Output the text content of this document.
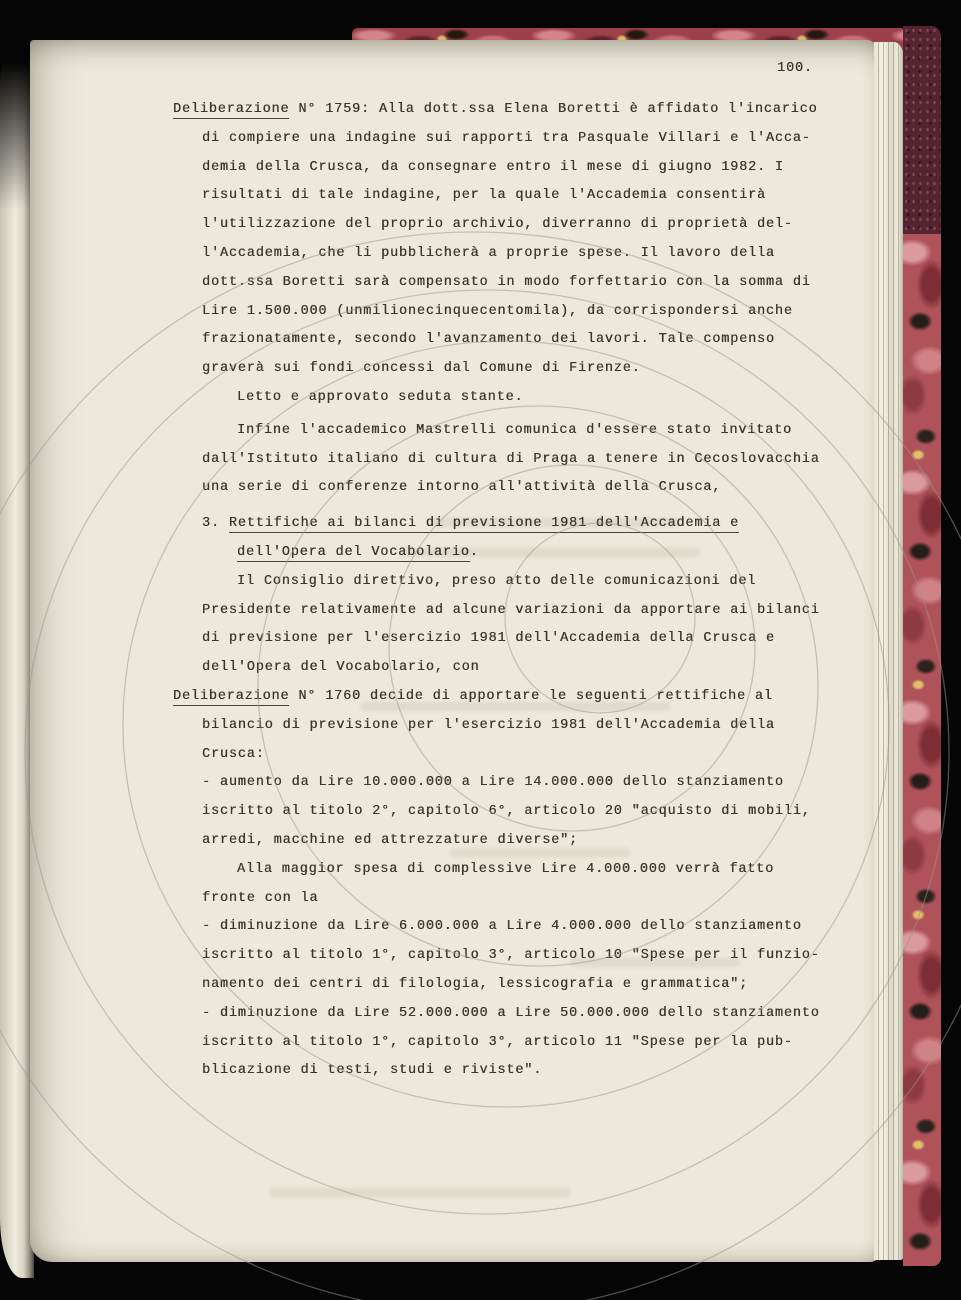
100.
Deliberazione N° 1759: Alla dott.ssa Elena Boretti è affidato l'incarico
di compiere una indagine sui rapporti tra Pasquale Villari e l'Acca-
demia della Crusca, da consegnare entro il mese di giugno 1982. I
risultati di tale indagine, per la quale l'Accademia consentirà
l'utilizzazione del proprio archivio, diverranno di proprietà del-
l'Accademia, che li pubblicherà a proprie spese. Il lavoro della
dott.ssa Boretti sarà compensato in modo forfettario con la somma di
Lire 1.500.000 (unmilionecinquecentomila), da corrispondersi anche
frazionatamente, secondo l'avanzamento dei lavori. Tale compenso
graverà sui fondi concessi dal Comune di Firenze.
Letto e approvato seduta stante.
Infine l'accademico Mastrelli comunica d'essere stato invitato
dall'Istituto italiano di cultura di Praga a tenere in Cecoslovacchia
una serie di conferenze intorno all'attività della Crusca,
3. Rettifiche ai bilanci di previsione 1981 dell'Accademia e
dell'Opera del Vocabolario.
Il Consiglio direttivo, preso atto delle comunicazioni del
Presidente relativamente ad alcune variazioni da apportare ai bilanci
di previsione per l'esercizio 1981 dell'Accademia della Crusca e
dell'Opera del Vocabolario, con
Deliberazione N° 1760 decide di apportare le seguenti rettifiche al
bilancio di previsione per l'esercizio 1981 dell'Accademia della
Crusca:
- aumento da Lire 10.000.000 a Lire 14.000.000 dello stanziamento
iscritto al titolo 2°, capitolo 6°, articolo 20 "acquisto di mobili,
arredi, macchine ed attrezzature diverse";
Alla maggior spesa di complessive Lire 4.000.000 verrà fatto
fronte con la
- diminuzione da Lire 6.000.000 a Lire 4.000.000 dello stanziamento
iscritto al titolo 1°, capitolo 3°, articolo 10 "Spese per il funzio-
namento dei centri di filologia, lessicografia e grammatica";
- diminuzione da Lire 52.000.000 a Lire 50.000.000 dello stanziamento
iscritto al titolo 1°, capitolo 3°, articolo 11 "Spese per la pub-
blicazione di testi, studi e riviste".
